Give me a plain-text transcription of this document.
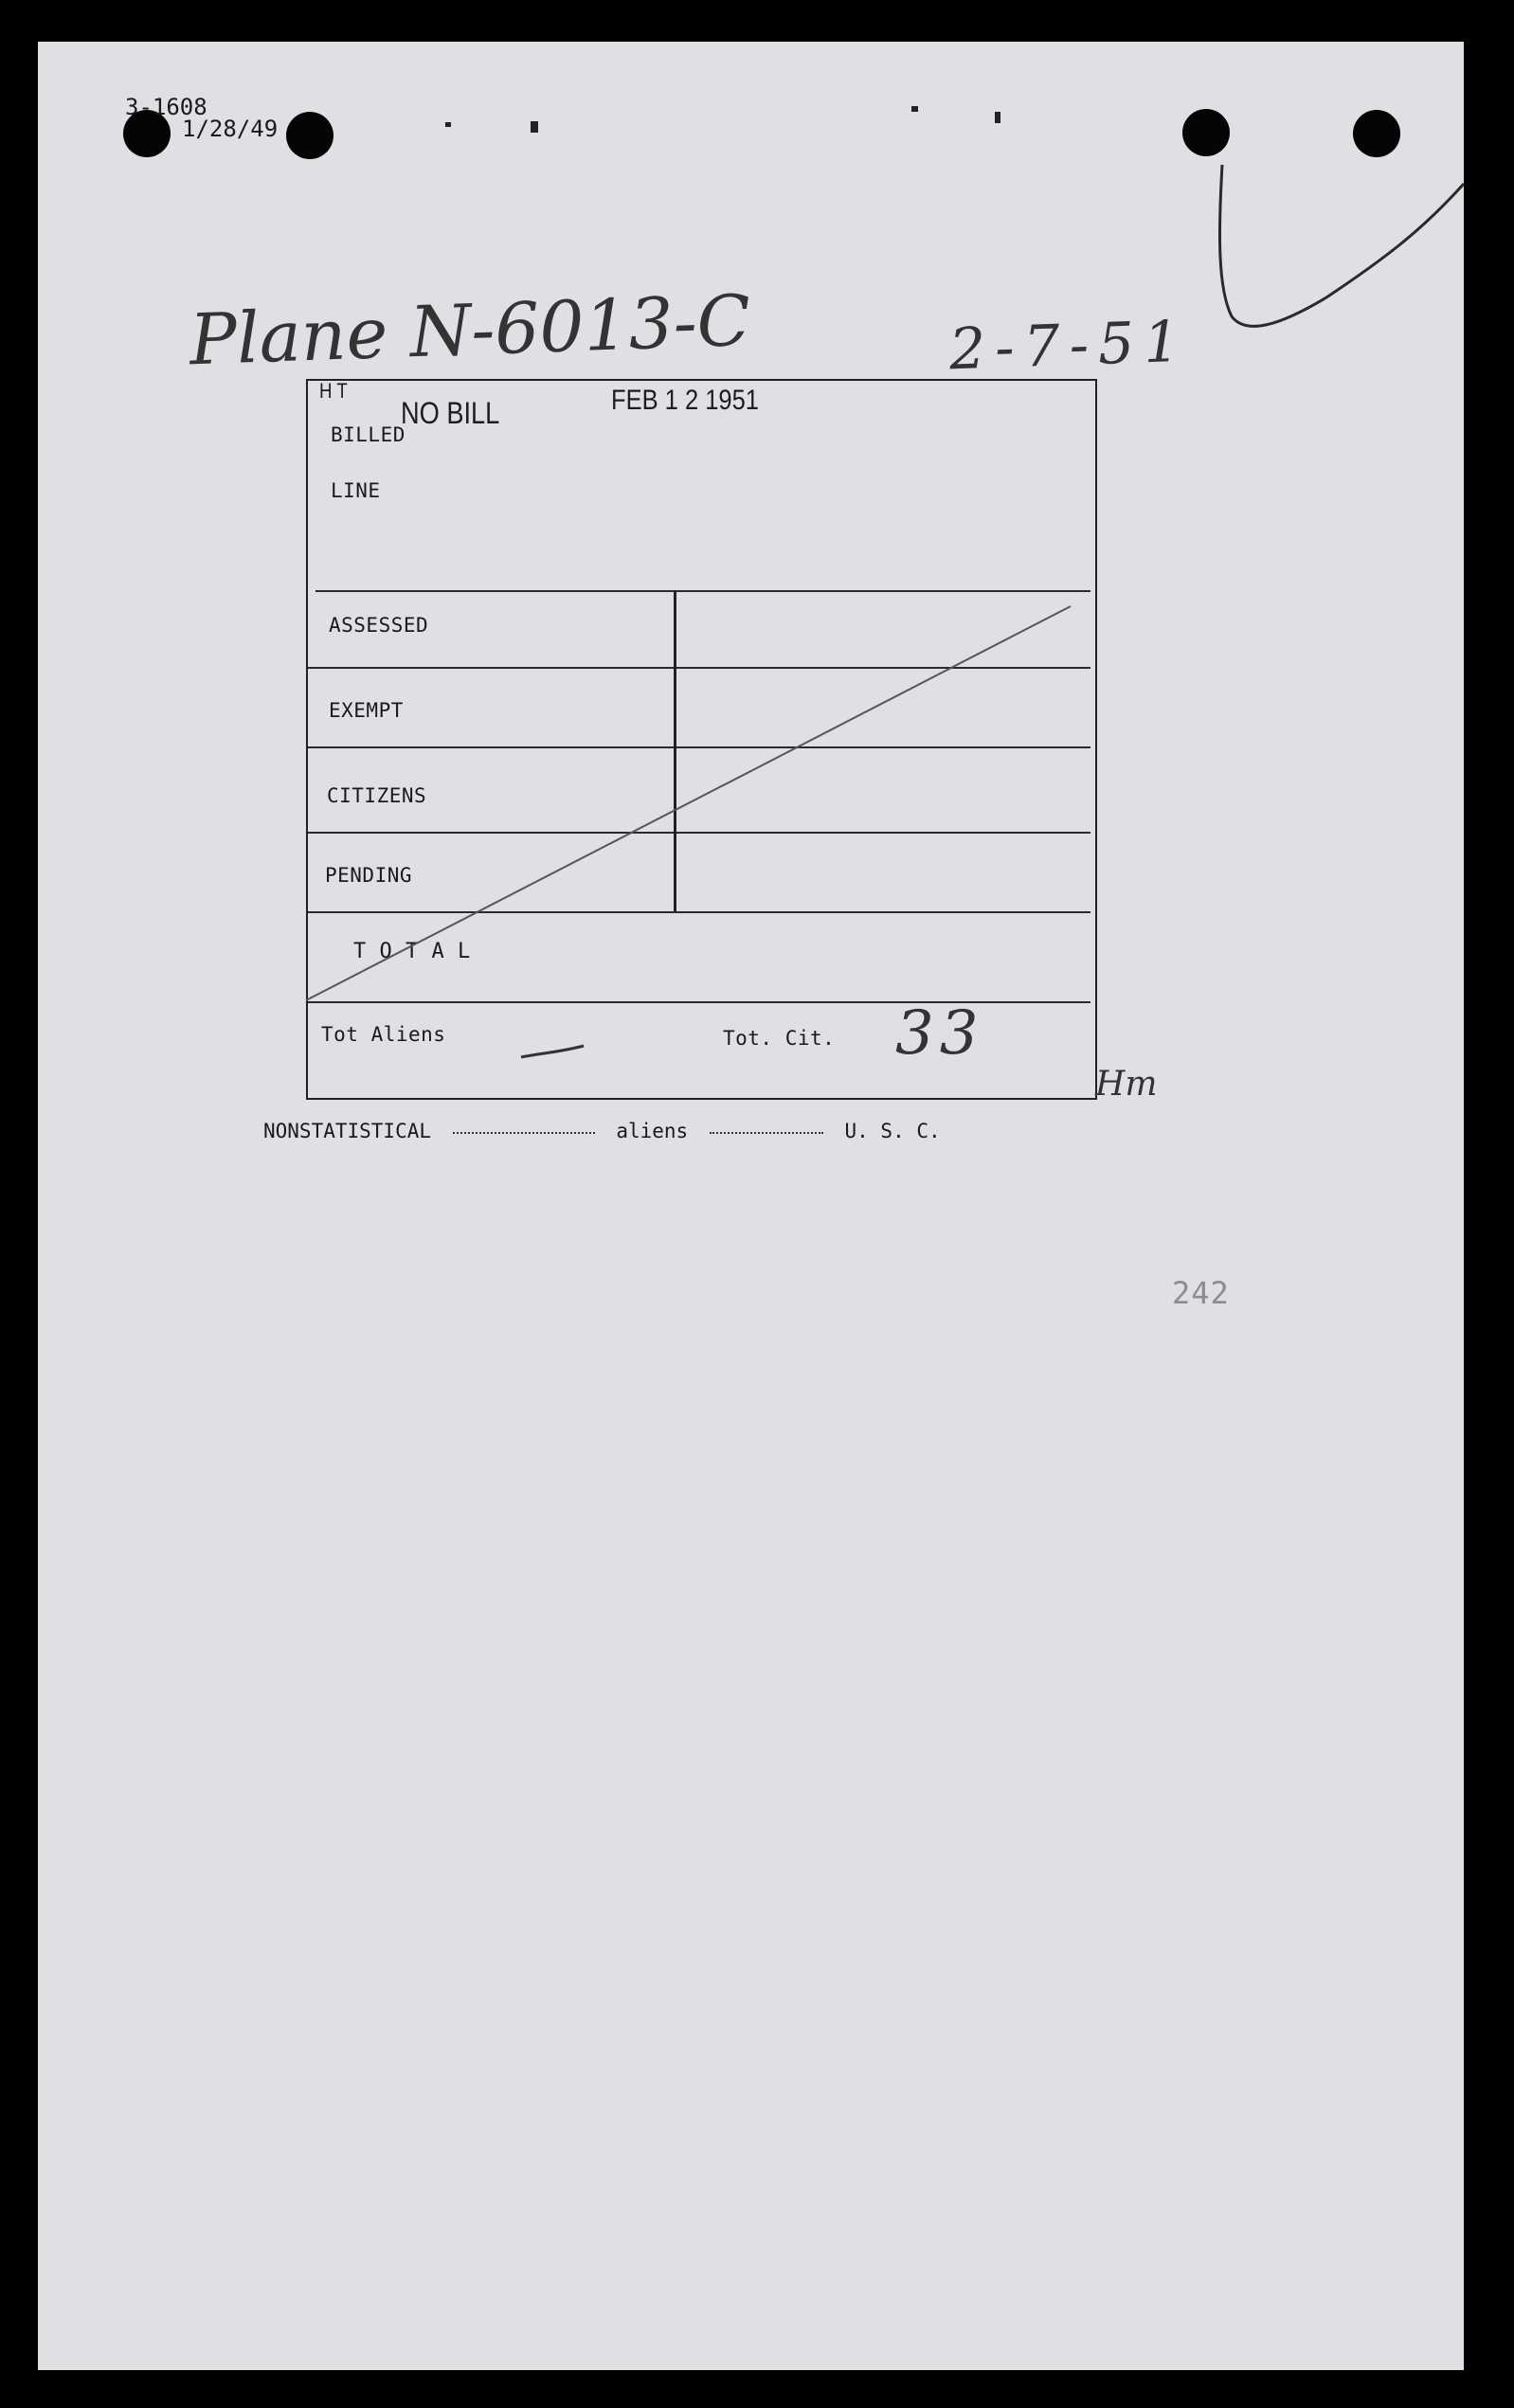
3-1608
1/28/49
Plane N-6013-C	2-7-51
H T
NO BILL	FEB 1 2 1951
BILLED
LINE
ASSESSED
EXEMPT
CITIZENS
PENDING
T O T A L
Tot Aliens	Tot. Cit. 33
Hm
NONSTATISTICAL	aliens	U. S. C.
242
